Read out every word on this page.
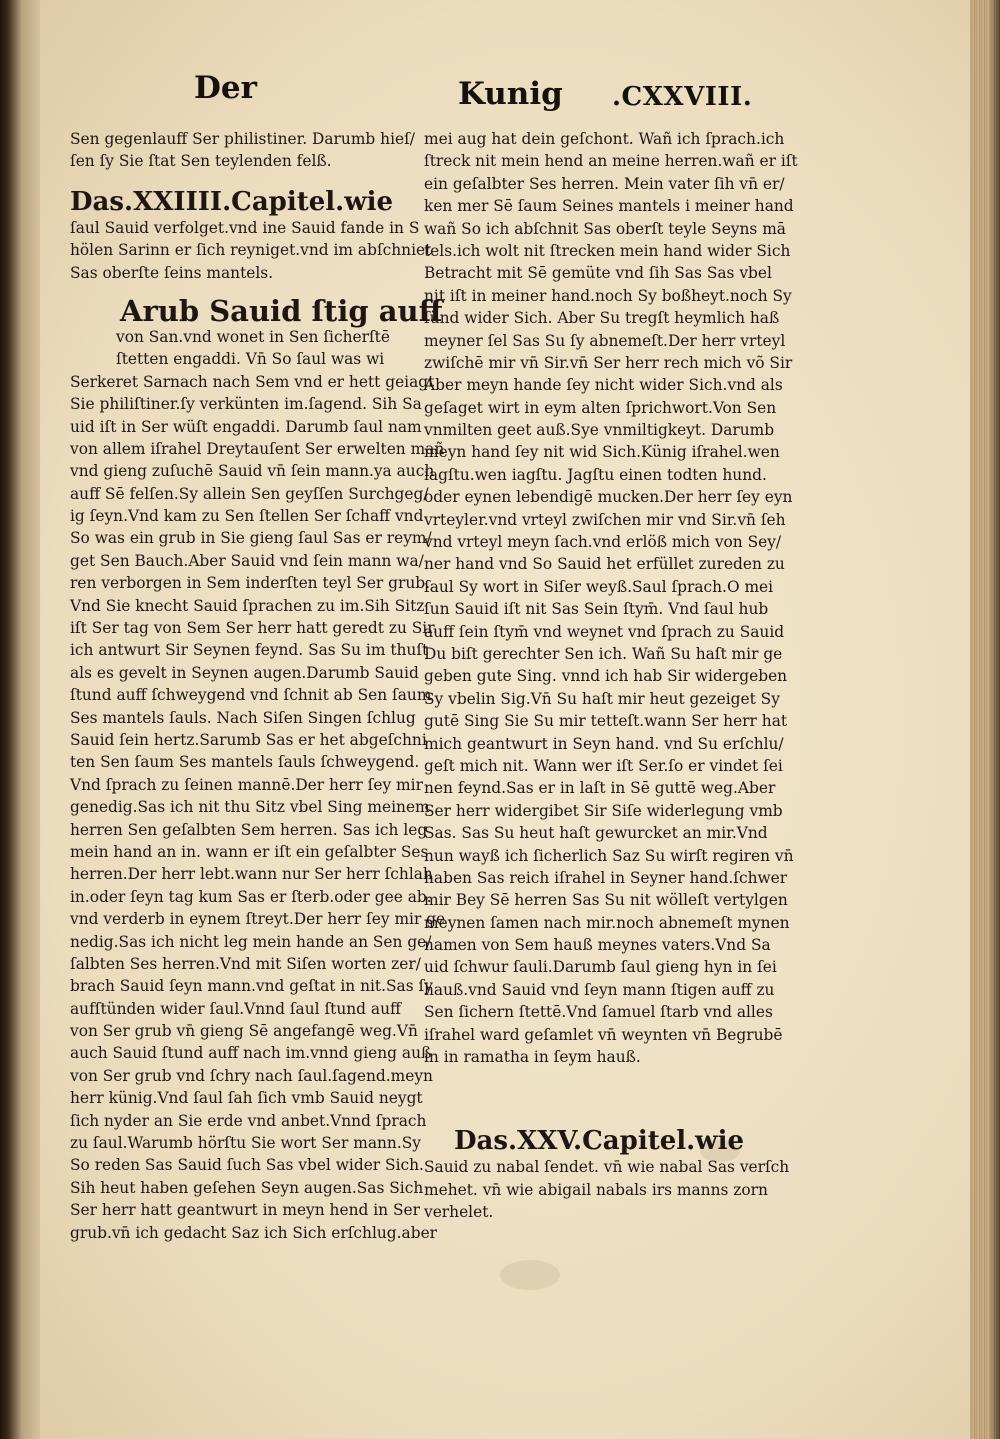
Der	Kunig .CXXVIII.
Sen gegenlauff Ser philistiner. Darumb hieſ/
ſen ſy Sie ſtat Sen teylenden felß.
Das.XXIIII.Capitel.wie
ſaul Sauid verfolget.vnd ine Sauid fande in S
hölen Sarinn er ſich reyniget.vnd im abſchniet
Sas oberſte ſeins mantels.
Arub Sauid ſtig auff
von San.vnd wonet in Sen ſicherſtē
ſtetten engaddi. Vn̄ So ſaul was wi
Serkeret Sarnach nach Sem vnd er hett geiagt
Sie philiſtiner.ſy verkünten im.ſagend. Sih Sa
uid iſt in Ser wüſt engaddi. Darumb ſaul nam
von allem iſrahel Dreytauſent Ser erwelten mañ
vnd gieng zuſuchē Sauid vn̄ ſein mann.ya auch
auff Sē felſen.Sy allein Sen geyſſen Surchgeg/
ig ſeyn.Vnd kam zu Sen ſtellen Ser ſchaff vnd
So was ein grub in Sie gieng ſaul Sas er reym/
get Sen Bauch.Aber Sauid vnd ſein mann wa/
ren verborgen in Sem inderſten teyl Ser grub.
Vnd Sie knecht Sauid ſprachen zu im.Sih Sitz
iſt Ser tag von Sem Ser herr hatt geredt zu Sir.
ich antwurt Sir Seynen feynd. Sas Su im thuſt
als es gevelt in Seynen augen.Darumb Sauid
ſtund auff ſchweygend vnd ſchnit ab Sen ſaum
Ses mantels ſauls. Nach Siſen Singen ſchlug
Sauid ſein hertz.Sarumb Sas er het abgeſchni
ten Sen ſaum Ses mantels ſauls ſchweygend.
Vnd ſprach zu ſeinen mannē.Der herr ſey mir
genedig.Sas ich nit thu Sitz vbel Sing meinem
herren Sen geſalbten Sem herren. Sas ich leg
mein hand an in. wann er iſt ein geſalbter Ses
herren.Der herr lebt.wann nur Ser herr ſchlah
in.oder ſeyn tag kum Sas er ſterb.oder gee ab.
vnd verderb in eynem ſtreyt.Der herr ſey mir ge
nedig.Sas ich nicht leg mein hande an Sen ge/
ſalbten Ses herren.Vnd mit Siſen worten zer/
brach Sauid ſeyn mann.vnd geſtat in nit.Sas ſy
aufſtünden wider ſaul.Vnnd ſaul ſtund auff
von Ser grub vn̄ gieng Sē angefangē weg.Vn̄
auch Sauid ſtund auff nach im.vnnd gieng auß
von Ser grub vnd ſchry nach ſaul.ſagend.meyn
herr künig.Vnd ſaul ſah ſich vmb Sauid neygt
ſich nyder an Sie erde vnd anbet.Vnnd ſprach
zu ſaul.Warumb hörſtu Sie wort Ser mann.Sy
So reden Sas Sauid ſuch Sas vbel wider Sich.
Sih heut haben geſehen Seyn augen.Sas Sich
Ser herr hatt geantwurt in meyn hend in Ser
grub.vn̄ ich gedacht Saz ich Sich erſchlug.aber
mei aug hat dein geſchont. Wañ ich ſprach.ich
ſtreck nit mein hend an meine herren.wañ er iſt
ein geſalbter Ses herren. Mein vater ſih vn̄ er/
ken mer Sē ſaum Seines mantels i meiner hand
wañ So ich abſchnit Sas oberſt teyle Seyns mā
tels.ich wolt nit ſtrecken mein hand wider Sich
Betracht mit Sē gemüte vnd ſih Sas Sas vbel
nit iſt in meiner hand.noch Sy boßheyt.noch Sy
ſünd wider Sich. Aber Su tregſt heymlich haß
meyner ſel Sas Su ſy abnemeſt.Der herr vrteyl
zwiſchē mir vn̄ Sir.vn̄ Ser herr rech mich võ Sir
Aber meyn hande ſey nicht wider Sich.vnd als
geſaget wirt in eym alten ſprichwort.Von Sen
vnmilten geet auß.Sye vnmiltigkeyt. Darumb
meyn hand ſey nit wid Sich.Künig iſrahel.wen
iagſtu.wen iagſtu. Jagſtu einen todten hund.
oder eynen lebendigē mucken.Der herr ſey eyn
vrteyler.vnd vrteyl zwiſchen mir vnd Sir.vn̄ ſeh
vnd vrteyl meyn ſach.vnd erlöß mich von Sey/
ner hand vnd So Sauid het erfüllet zureden zu
ſaul Sy wort in Siſer weyß.Saul ſprach.O mei
ſun Sauid iſt nit Sas Sein ſtym̄. Vnd ſaul hub
auff ſein ſtym̄ vnd weynet vnd ſprach zu Sauid
Du biſt gerechter Sen ich. Wañ Su haſt mir ge
geben gute Sing. vnnd ich hab Sir widergeben
Sy vbelin Sig.Vn̄ Su haſt mir heut gezeiget Sy
gutē Sing Sie Su mir tetteſt.wann Ser herr hat
mich geantwurt in Seyn hand. vnd Su erſchlu/
geſt mich nit. Wann wer iſt Ser.ſo er vindet ſei
nen feynd.Sas er in laſt in Sē guttē weg.Aber
Ser herr widergibet Sir Siſe widerlegung vmb
Sas. Sas Su heut haſt gewurcket an mir.Vnd
nun wayß ich ſicherlich Saz Su wirſt regiren vn̄
haben Sas reich iſrahel in Seyner hand.ſchwer
mir Bey Sē herren Sas Su nit wölleſt vertylgen
meynen ſamen nach mir.noch abnemeſt mynen
namen von Sem hauß meynes vaters.Vnd Sa
uid ſchwur ſauli.Darumb ſaul gieng hyn in ſei
hauß.vnd Sauid vnd ſeyn mann ſtigen auff zu
Sen ſichern ſtettē.Vnd ſamuel ſtarb vnd alles
iſrahel ward geſamlet vn̄ weynten vn̄ Begrubē
in in ramatha in ſeym hauß.
Das.XXV.Capitel.wie
Sauid zu nabal ſendet. vn̄ wie nabal Sas verſch
mehet. vn̄ wie abigail nabals irs manns zorn
verhelet.
